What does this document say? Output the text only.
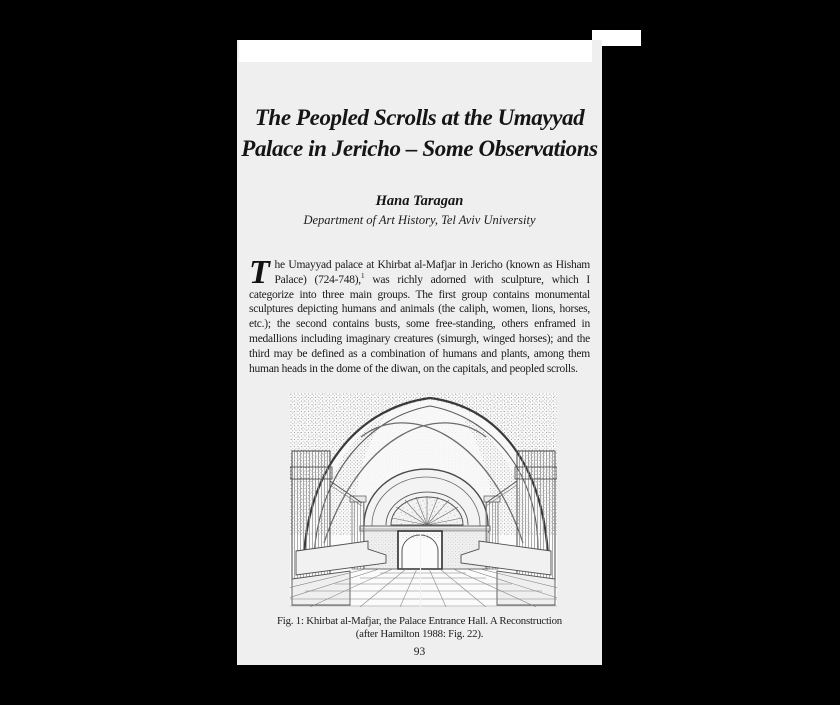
The Peopled Scrolls at the Umayyad
Palace in Jericho – Some Observations
Hana Taragan
Department of Art History, Tel Aviv University
The Umayyad palace at Khirbat al-Mafjar in Jericho (known as Hisham Palace) (724-748),$^1$ was richly adorned with sculpture, which I categorize into three main groups. The first group contains monumental sculptures depicting humans and animals (the caliph, women, lions, horses, etc.); the second contains busts, some free-standing, others enframed in medallions including imaginary creatures (simurgh, winged horses); and the third may be defined as a combination of humans and plants, among them human heads in the dome of the diwan, on the capitals, and peopled scrolls.
Fig. 1: Khirbat al-Mafjar, the Palace Entrance Hall. A Reconstruction
(after Hamilton 1988: Fig. 22).
93
